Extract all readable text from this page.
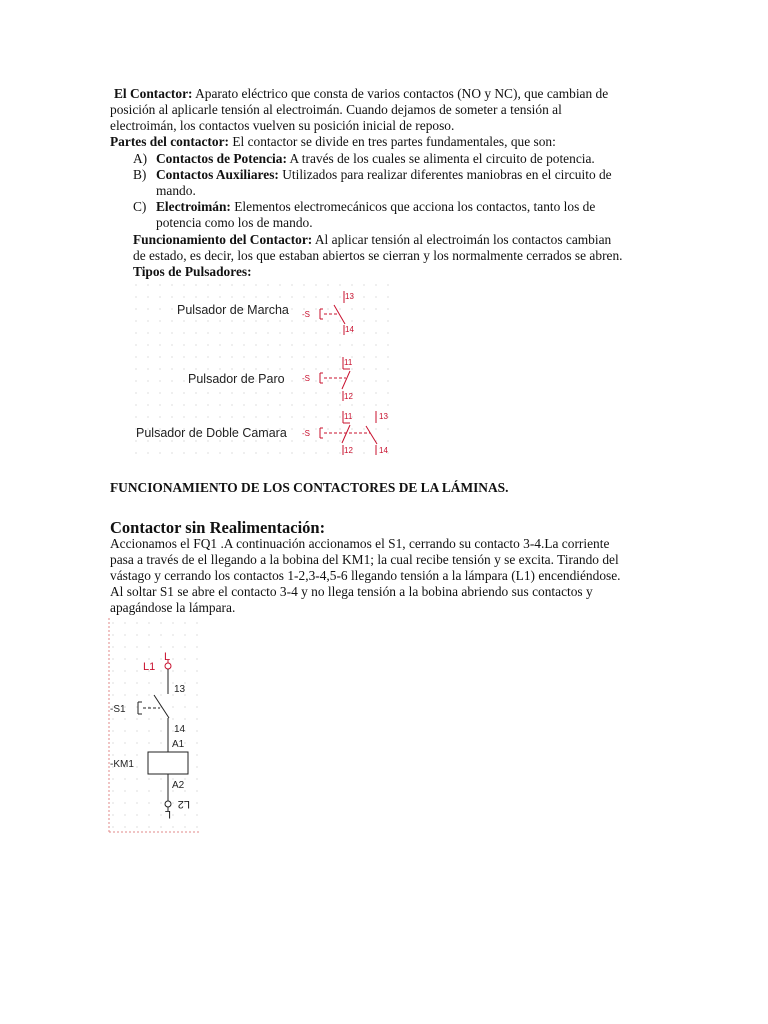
El Contactor: Aparato eléctrico que consta de varios contactos (NO y NC), que cambian de

posición al aplicarle tensión al electroimán. Cuando dejamos de someter a tensión al

electroimán, los contactos vuelven su posición inicial de reposo.

Partes del contactor: El contactor se divide en tres partes fundamentales, que son:

A) Contactos de Potencia: A través de los cuales se alimenta el circuito de potencia.
B) Contactos Auxiliares: Utilizados para realizar diferentes maniobras en el circuito de
mando.
C) Electroimán: Elementos electromecánicos que acciona los contactos, tanto los de
potencia como los de mando.

Funcionamiento del Contactor: Al aplicar tensión al electroimán los contactos cambian

de estado, es decir, los que estaban abiertos se cierran y los normalmente cerrados se abren.

Tipos de Pulsadores:

Pulsador de Marcha -S
13
14
Pulsador de Paro -S
11
12
Pulsador de Doble Camara -S
11
12
13
14

FUNCIONAMIENTO DE LOS CONTACTORES DE LA LÁMINAS.

Contactor sin Realimentación:

Accionamos el FQ1 .A continuación accionamos el S1, cerrando su contacto 3-4.La corriente

pasa a través de el llegando a la bobina del KM1; la cual recibe tensión y se excita. Tirando del

vástago y cerrando los contactos 1-2,3-4,5-6 llegando tensión a la lámpara (L1) encendiéndose.

Al soltar S1 se abre el contacto 3-4 y no llega tensión a la bobina abriendo sus contactos y

apagándose la lámpara.

L
L1
13
-S1
14
A1
-KM1
A2
L2
L
